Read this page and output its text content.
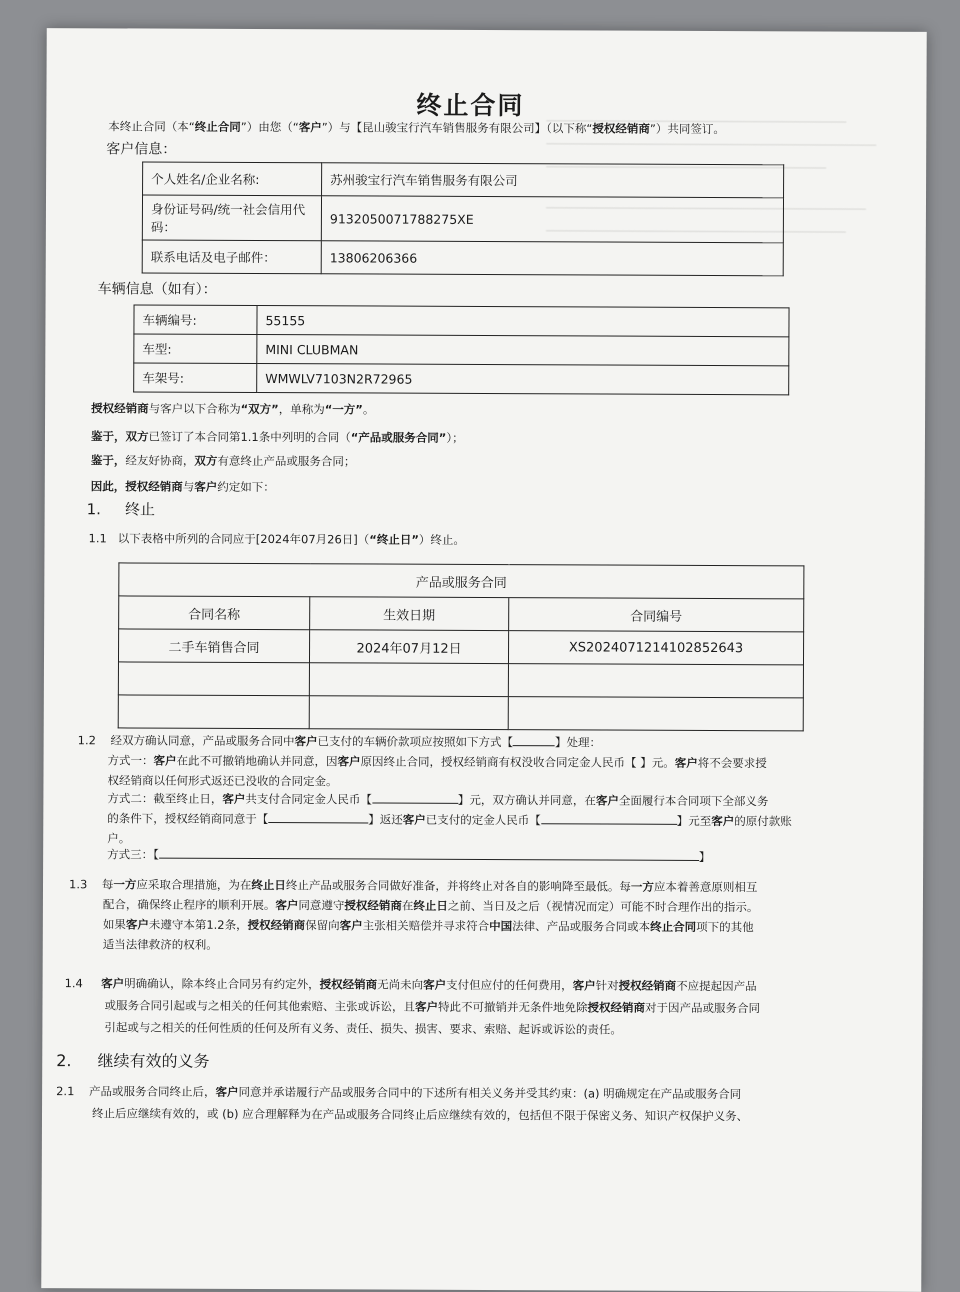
终止合同
本终止合同（本“终止合同”）由您（“客户”）与【昆山骏宝行汽车销售服务有限公司】（以下称“授权经销商”）共同签订。
客户信息：
个人姓名/企业名称:	苏州骏宝行汽车销售服务有限公司
身份证号码/统一社会信用代码：	91320500717882​75XE
联系电话及电子邮件：	13806206366
车辆信息（如有）：
车辆编号:	55155
车型:	MINI CLUBMAN
车架号:	WMWLV7103N2R72965
授权经销商与客户以下合称为“双方”，单称为“一方”。
鉴于，双方已签订了本合同第1.1条中列明的合同（“产品或服务合同”）；
鉴于，经友好协商，双方有意终止产品或服务合同；
因此，授权经销商与客户约定如下：
1. 终止
1.1 以下表格中所列的合同应于[2024年07月26日]（“终止日”）终止。
产品或服务合同		
合同名称	生效日期	合同编号
二手车销售合同	2024年07月12日	XS20240712141028526​43

1.2 经双方确认同意，产品或服务合同中客户已支付的车辆价款项应按照如下方式【	】处理：
方式一：客户在此不可撤销地确认并同意，因客户原因终止合同，授权经销商有权没收合同定金人民币【 】元。客户将不会要求授
权经销商以任何形式返还已没收的合同定金。
方式二：截至终止日，客户共支付合同定金人民币【	】元，双方确认并同意，在客户全面履行本合同项下全部义务
的条件下，授权经销商同意于【	】返还客户已支付的定金人民币【	】元至客户的原付款账
户。
方式三：【	】
1.3 每一方应采取合理措施，为在终止日终止产品或服务合同做好准备，并将终止对各自的影响降至最低。每一方应本着善意原则相互
配合，确保终止程序的顺利开展。客户同意遵守授权经销商在终止日之前、当日及之后（视情况而定）可能不时合理作出的指示。
如果客户未遵守本第1.2条，授权经销商保留向客户主张相关赔偿并寻求符合中国法律、产品或服务合同或本终止合同项下的其他
适当法律救济的权利。
1.4 客户明确确认，除本终止合同另有约定外，授权经销商无尚未向客户支付但应付的任何费用，客户针对授权经销商不应提起因产品
或服务合同引起或与之相关的任何其他索赔、主张或诉讼，且客户特此不可撤销并无条件地免除授权经销商对于因产品或服务合同
引起或与之相关的任何性质的任何及所有义务、责任、损失、损害、要求、索赔、起诉或诉讼的责任。
2. 继续有效的义务
2.1 产品或服务合同终止后，客户同意并承诺履行产品或服务合同中的下述所有相关义务并受其约束：(a) 明确规定在产品或服务合同
终止后应继续有效的，或 (b) 应合理解释为在产品或服务合同终止后应继续有效的，包括但不限于保密义务、知识产权保护义务、
